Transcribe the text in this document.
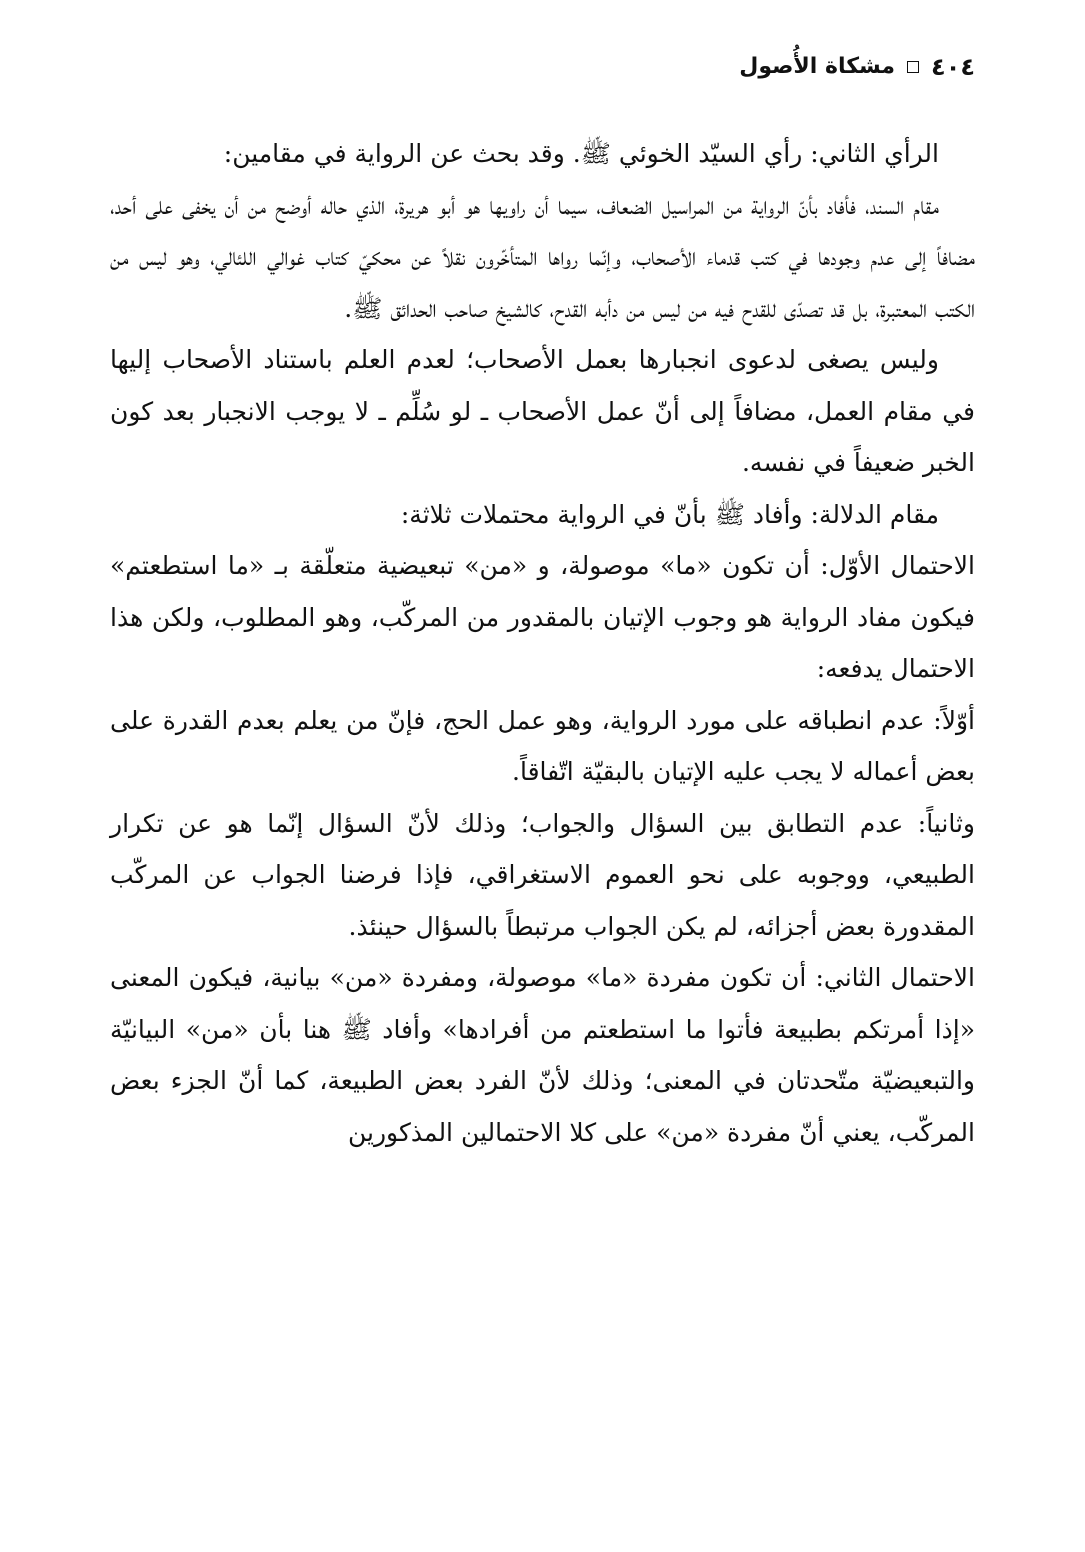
٤٠٤
مشكاة الأُصول

الرأي الثاني: رأي السيّد الخوئي ﷺ. وقد بحث عن الرواية في مقامين:

مقام السند، فأفاد بأنّ الرواية من المراسيل الضعاف، سيما أن راويها هو أبو هريرة، الذي حاله أوضح من أن يخفى على أحد، مضافاً إلى عدم وجودها في كتب قدماء الأصحاب، وإنّما رواها المتأخّرون نقلاً عن محكيّ كتاب غوالي اللئالي، وهو ليس من الكتب المعتبرة، بل قد تصدّى للقدح فيه من ليس من دأبه القدح، كالشيخ صاحب الحدائق ﷺ.

وليس يصغى لدعوى انجبارها بعمل الأصحاب؛ لعدم العلم باستناد الأصحاب إليها في مقام العمل، مضافاً إلى أنّ عمل الأصحاب ـ لو سُلِّم ـ لا يوجب الانجبار بعد كون الخبر ضعيفاً في نفسه.

مقام الدلالة: وأفاد ﷺ بأنّ في الرواية محتملات ثلاثة:

الاحتمال الأوّل: أن تكون «ما» موصولة، و «من» تبعيضية متعلّقة بـ «ما استطعتم» فيكون مفاد الرواية هو وجوب الإتيان بالمقدور من المركّب، وهو المطلوب، ولكن هذا الاحتمال يدفعه:

أوّلاً: عدم انطباقه على مورد الرواية، وهو عمل الحج، فإنّ من يعلم بعدم القدرة على بعض أعماله لا يجب عليه الإتيان بالبقيّة اتّفاقاً.

وثانياً: عدم التطابق بين السؤال والجواب؛ وذلك لأنّ السؤال إنّما هو عن تكرار الطبيعي، ووجوبه على نحو العموم الاستغراقي، فإذا فرضنا الجواب عن المركّب المقدورة بعض أجزائه، لم يكن الجواب مرتبطاً بالسؤال حينئذ.

الاحتمال الثاني: أن تكون مفردة «ما» موصولة، ومفردة «من» بيانية، فيكون المعنى «إذا أمرتكم بطبيعة فأتوا ما استطعتم من أفرادها» وأفاد ﷺ هنا بأن «من» البيانيّة والتبعيضيّة متّحدتان في المعنى؛ وذلك لأنّ الفرد بعض الطبيعة، كما أنّ الجزء بعض المركّب، يعني أنّ مفردة «من» على كلا الاحتمالين المذكورين
